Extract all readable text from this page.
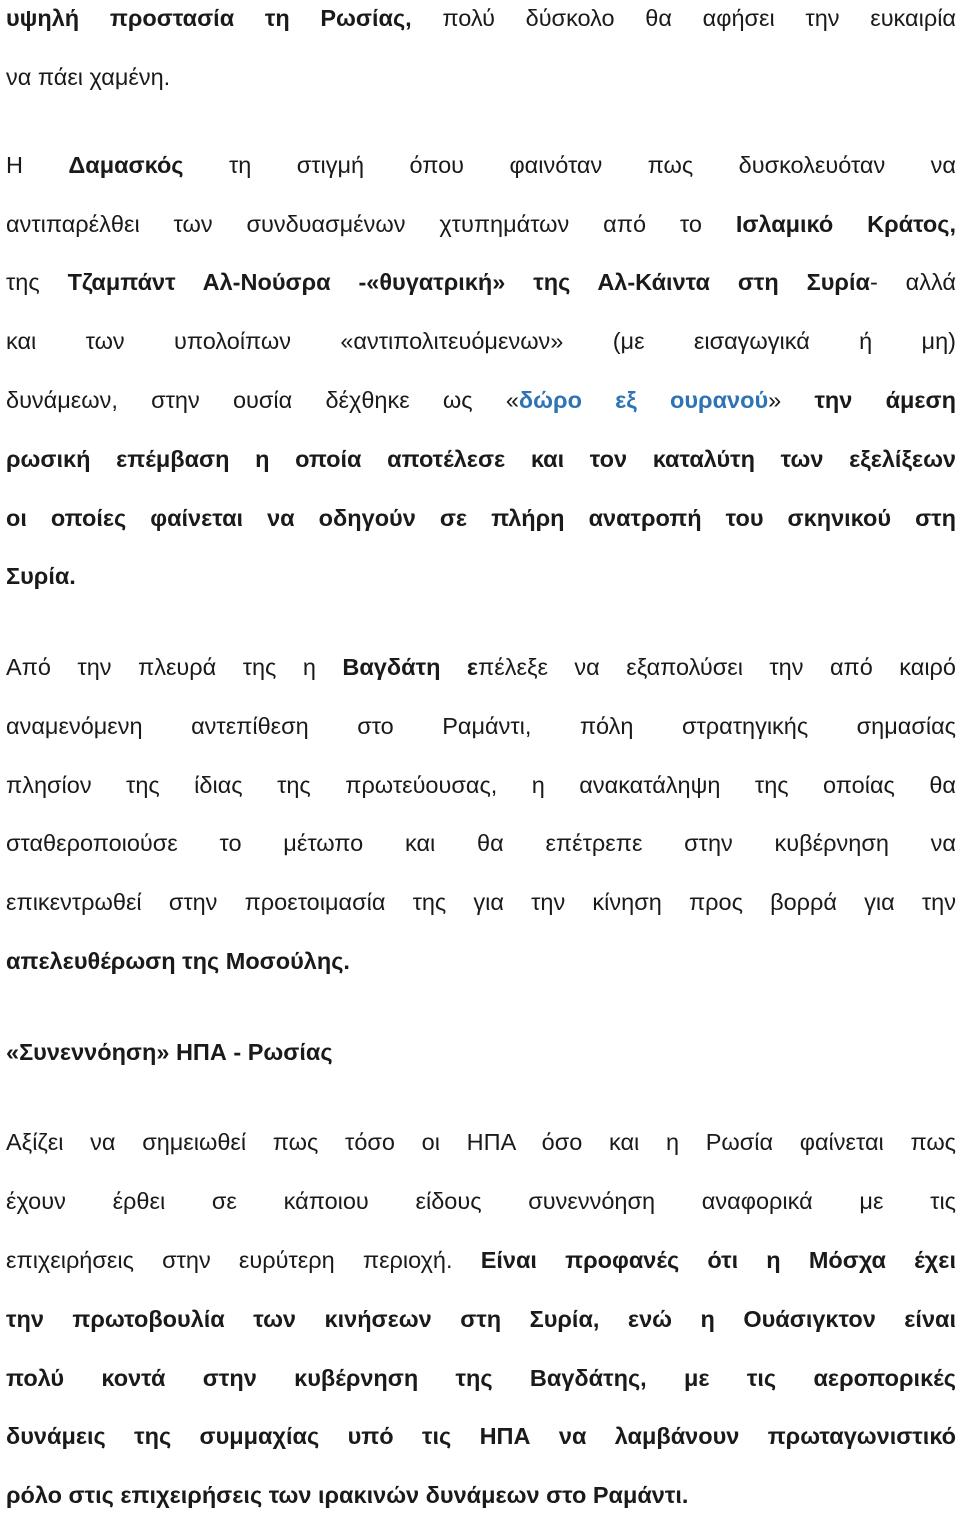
υψηλή προστασία τη Ρωσίας, πολύ δύσκολο θα αφήσει την ευκαιρία
να πάει χαμένη.
Η Δαμασκός τη στιγμή όπου φαινόταν πως δυσκολευόταν να
αντιπαρέλθει των συνδυασμένων χτυπημάτων από το Ισλαμικό Κράτος,
της Τζαμπάντ Αλ-Νούσρα -«θυγατρική» της Αλ-Κάιντα στη Συρία- αλλά
και των υπολοίπων «αντιπολιτευόμενων» (με εισαγωγικά ή μη)
δυνάμεων, στην ουσία δέχθηκε ως «δώρο εξ ουρανού» την άμεση
ρωσική επέμβαση η οποία αποτέλεσε και τον καταλύτη των εξελίξεων
οι οποίες φαίνεται να οδηγούν σε πλήρη ανατροπή του σκηνικού στη
Συρία.
Από την πλευρά της η Βαγδάτη επέλεξε να εξαπολύσει την από καιρό
αναμενόμενη αντεπίθεση στο Ραμάντι, πόλη στρατηγικής σημασίας
πλησίον της ίδιας της πρωτεύουσας, η ανακατάληψη της οποίας θα
σταθεροποιούσε το μέτωπο και θα επέτρεπε στην κυβέρνηση να
επικεντρωθεί στην προετοιμασία της για την κίνηση προς βορρά για την
απελευθέρωση της Μοσούλης.
«Συνεννόηση» ΗΠΑ - Ρωσίας
Αξίζει να σημειωθεί πως τόσο οι ΗΠΑ όσο και η Ρωσία φαίνεται πως
έχουν έρθει σε κάποιου είδους συνεννόηση αναφορικά με τις
επιχειρήσεις στην ευρύτερη περιοχή. Είναι προφανές ότι η Μόσχα έχει
την πρωτοβουλία των κινήσεων στη Συρία, ενώ η Ουάσιγκτον είναι
πολύ κοντά στην κυβέρνηση της Βαγδάτης, με τις αεροπορικές
δυνάμεις της συμμαχίας υπό τις ΗΠΑ να λαμβάνουν πρωταγωνιστικό
ρόλο στις επιχειρήσεις των ιρακινών δυνάμεων στο Ραμάντι.
